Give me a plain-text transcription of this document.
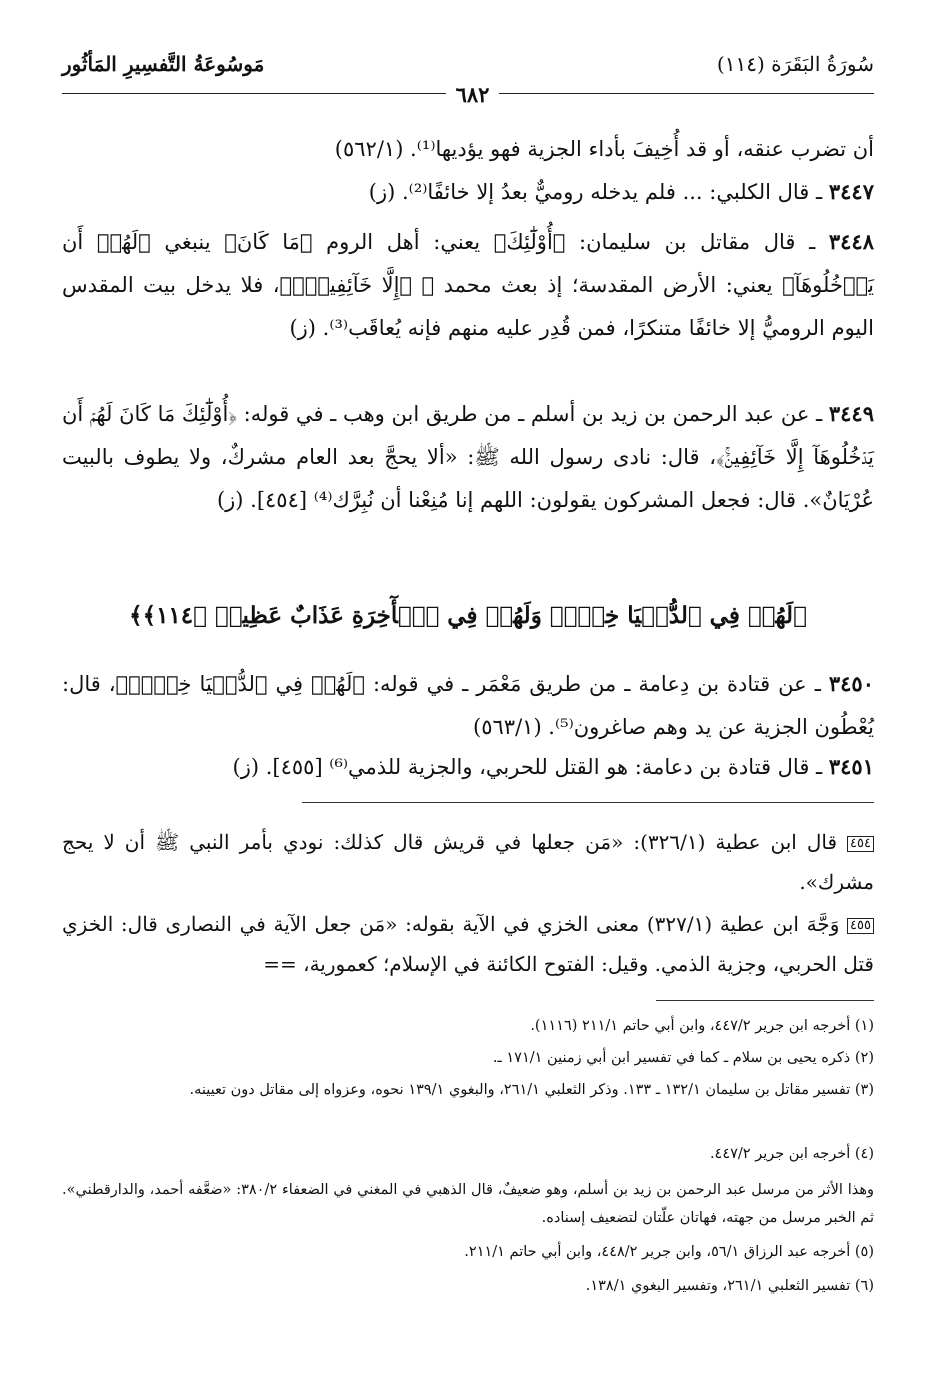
سُورَةُ البَقَرَة (١١٤)
مَوسُوعَةُ التَّفسِيرِ المَأثُور
٦٨٢
أن تضرب عنقه، أو قد أُخِيفَ بأداء الجزية فهو يؤديها⁽¹⁾. (٥٦٢/١)
٣٤٤٧ ـ قال الكلبي: ... فلم يدخله روميٌّ بعدُ إلا خائفًا⁽²⁾. (ز)
٣٤٤٨ ـ قال مقاتل بن سليمان: ﴿أُوْلَٰٓئِكَ﴾ يعني: أهل الروم ﴿مَا كَانَ﴾ ينبغي ﴿لَهُمۡ أَن يَدۡخُلُوهَآ﴾ يعني: الأرض المقدسة؛ إذ بعث محمد ﷺ ﴿إِلَّا خَآئِفِينَۚ﴾، فلا يدخل بيت المقدس اليوم الروميُّ إلا خائفًا متنكرًا، فمن قُدِر عليه منهم فإنه يُعاقَب⁽³⁾. (ز)
٣٤٤٩ ـ عن عبد الرحمن بن زيد بن أسلم ـ من طريق ابن وهب ـ في قوله: ﴿أُوْلَٰٓئِكَ مَا كَانَ لَهُمۡ أَن يَدۡخُلُوهَآ إِلَّا خَآئِفِينَۚ﴾، قال: نادى رسول الله ﷺ: «ألا يحجَّ بعد العام مشركٌ، ولا يطوف بالبيت عُرْيَانٌ». قال: فجعل المشركون يقولون: اللهم إنا مُنِعْنا أن نُبِرَّك⁽⁴⁾ [٤٥٤]. (ز)
﴿لَهُمۡ فِي ٱلدُّنۡيَا خِزۡيٞ وَلَهُمۡ فِي ٱلۡأٓخِرَةِ عَذَابٌ عَظِيمٞ ﴿١١٤﴾﴾
٣٤٥٠ ـ عن قتادة بن دِعامة ـ من طريق مَعْمَر ـ في قوله: ﴿لَهُمۡ فِي ٱلدُّنۡيَا خِزۡيٞ﴾، قال: يُعْطُون الجزية عن يد وهم صاغرون⁽⁵⁾. (٥٦٣/١)
٣٤٥١ ـ قال قتادة بن دعامة: هو القتل للحربي، والجزية للذمي⁽⁶⁾ [٤٥٥]. (ز)
٤٥٤ قال ابن عطية (٣٢٦/١): «مَن جعلها في قريش قال كذلك: نودي بأمر النبي ﷺ أن لا يحج مشرك».
٤٥٥ وَجَّهَ ابن عطية (٣٢٧/١) معنى الخزي في الآية بقوله: «مَن جعل الآية في النصارى قال: الخزي قتل الحربي، وجزية الذمي. وقيل: الفتوح الكائنة في الإسلام؛ كعمورية، ==
(١) أخرجه ابن جرير ٤٤٧/٢، وابن أبي حاتم ٢١١/١ (١١١٦).
(٢) ذكره يحيى بن سلام ـ كما في تفسير ابن أبي زمنين ١٧١/١ ـ.
(٣) تفسير مقاتل بن سليمان ١٣٢/١ ـ ١٣٣. وذكر الثعلبي ٢٦١/١، والبغوي ١٣٩/١ نحوه، وعزواه إلى مقاتل دون تعيينه.
(٤) أخرجه ابن جرير ٤٤٧/٢.
وهذا الأثر من مرسل عبد الرحمن بن زيد بن أسلم، وهو ضعيفٌ، قال الذهبي في المغني في الضعفاء ٣٨٠/٢: «ضعَّفه أحمد، والدارقطني». ثم الخبر مرسل من جهته، فهاتان علّتان لتضعيف إسناده.
(٥) أخرجه عبد الرزاق ٥٦/١، وابن جرير ٤٤٨/٢، وابن أبي حاتم ٢١١/١.
(٦) تفسير الثعلبي ٢٦١/١، وتفسير البغوي ١٣٨/١.
